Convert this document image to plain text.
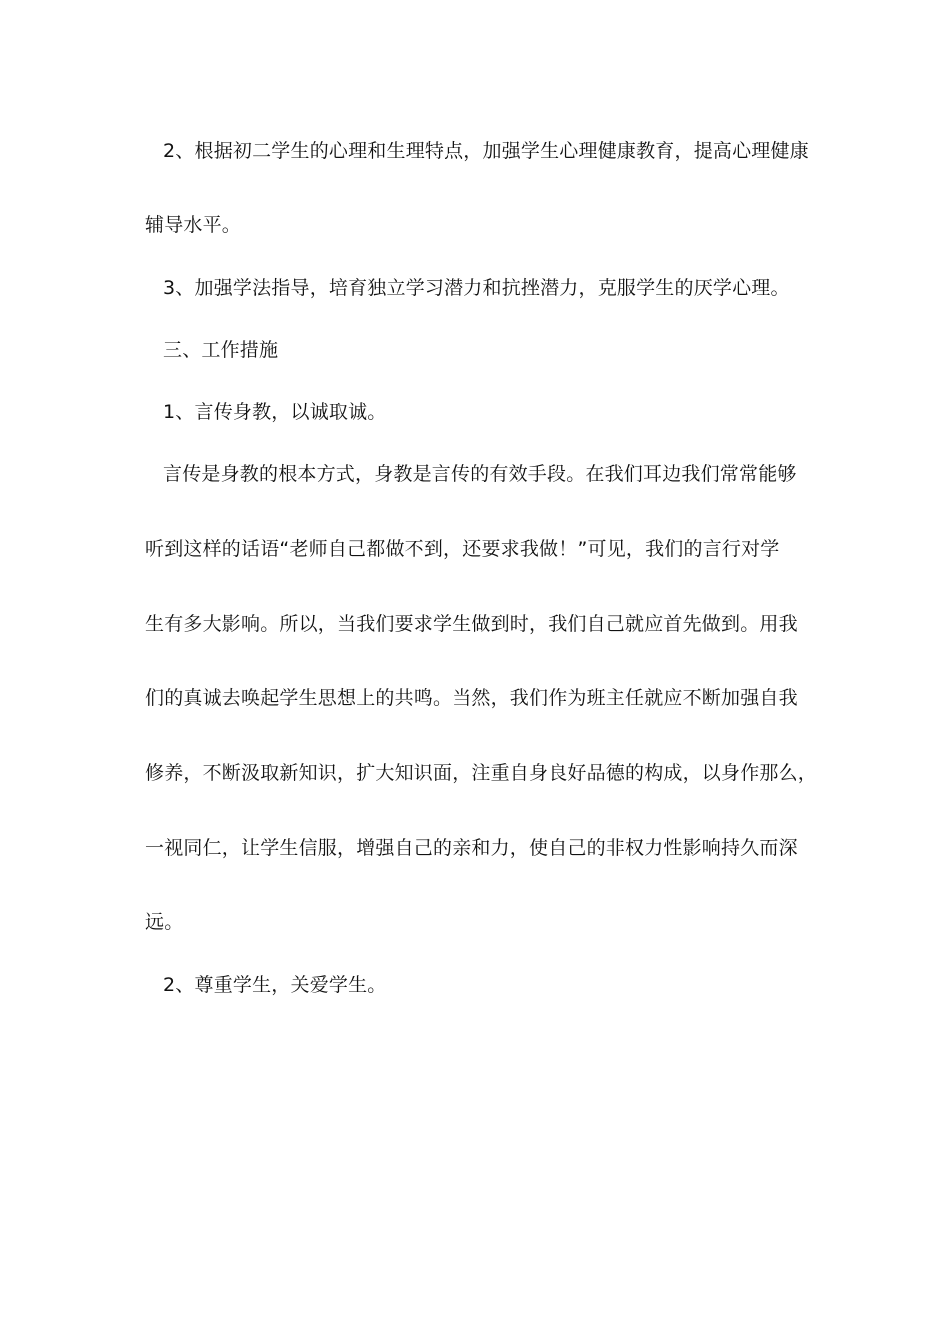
2、根据初二学生的心理和生理特点，加强学生心理健康教育，提高心理健康
辅导水平。
3、加强学法指导，培育独立学习潜力和抗挫潜力，克服学生的厌学心理。
三、工作措施
1、言传身教，以诚取诚。
言传是身教的根本方式，身教是言传的有效手段。在我们耳边我们常常能够
听到这样的话语“老师自己都做不到，还要求我做！”可见，我们的言行对学
生有多大影响。所以，当我们要求学生做到时，我们自己就应首先做到。用我
们的真诚去唤起学生思想上的共鸣。当然，我们作为班主任就应不断加强自我
修养，不断汲取新知识，扩大知识面，注重自身良好品德的构成，以身作那么，
一视同仁，让学生信服，增强自己的亲和力，使自己的非权力性影响持久而深
远。
2、尊重学生，关爱学生。
